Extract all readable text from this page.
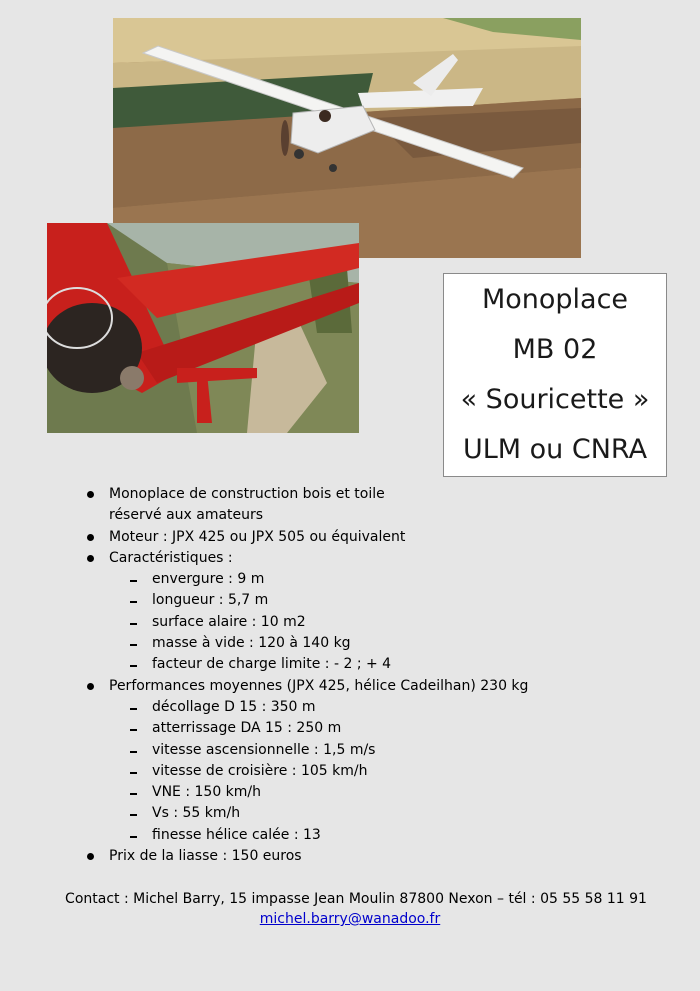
Monoplace
MB 02
« Souricette »
ULM ou CNRA
Monoplace de construction bois et toile
réservé aux amateurs
Moteur : JPX 425 ou JPX 505 ou équivalent
Caractéristiques :
envergure : 9 m
longueur : 5,7 m
surface alaire : 10 m2
masse à vide : 120 à 140 kg
facteur de charge limite : - 2 ; + 4
Performances moyennes (JPX 425, hélice Cadeilhan) 230 kg
décollage D 15 : 350 m
atterrissage DA 15 : 250 m
vitesse ascensionnelle : 1,5 m/s
vitesse de croisière : 105 km/h
VNE : 150 km/h
Vs : 55 km/h
finesse hélice calée : 13
Prix de la liasse : 150 euros
Contact : Michel Barry, 15 impasse Jean Moulin 87800 Nexon – tél : 05 55 58 11 91
michel.barry@wanadoo.fr
